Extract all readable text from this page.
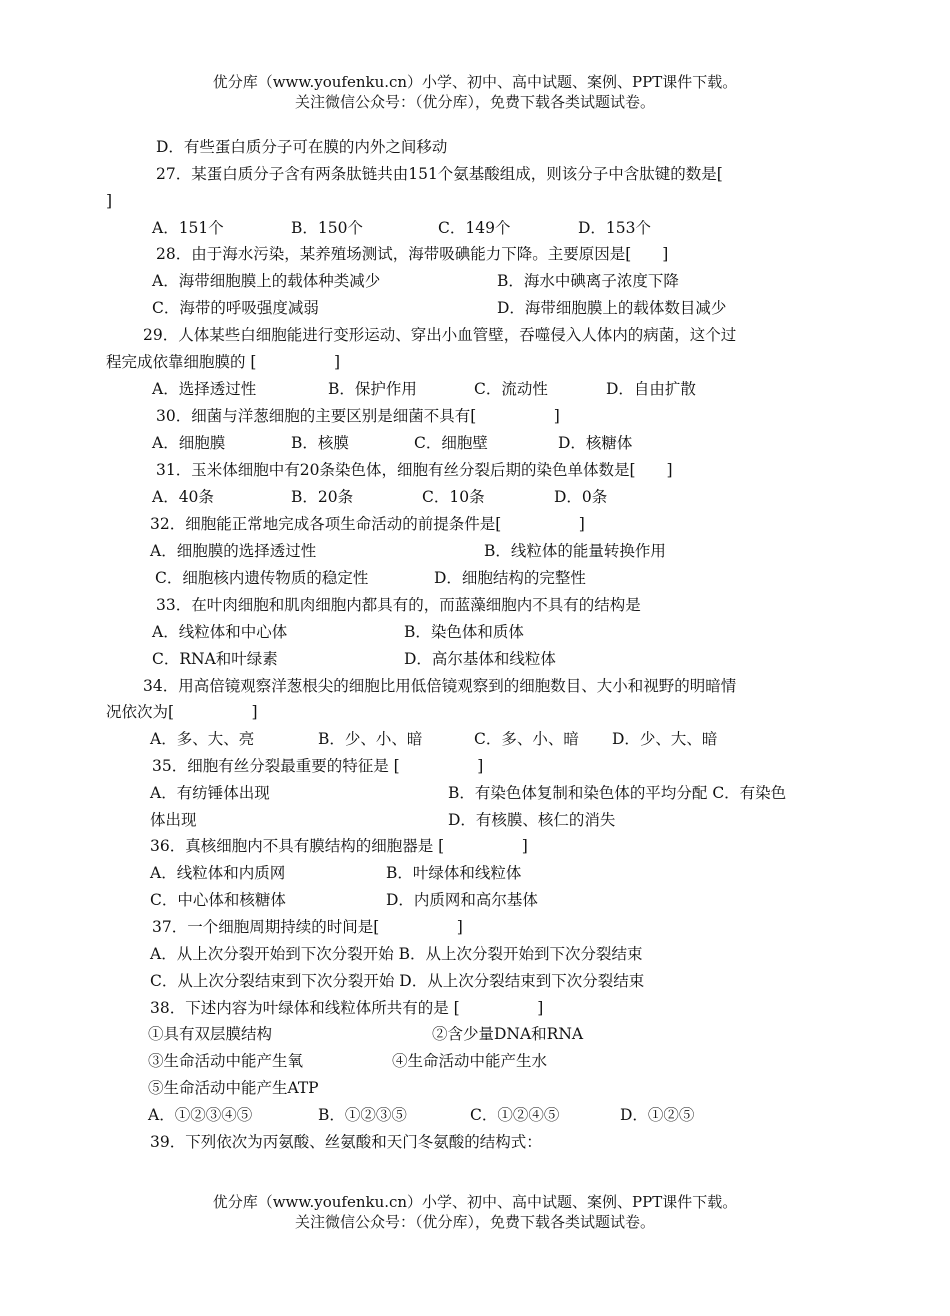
优分库（www.youfenku.cn）小学、初中、高中试题、案例、PPT课件下载。
关注微信公众号：（优分库），免费下载各类试题试卷。
D．有些蛋白质分子可在膜的内外之间移动
27．某蛋白质分子含有两条肽链共由151个氨基酸组成，则该分子中含肽键的数是[
]
A．151个	B．150个	C．149个	D．153个
28．由于海水污染，某养殖场测试，海带吸碘能力下降。主要原因是[　　]
A．海带细胞膜上的载体种类减少	B．海水中碘离子浓度下降
C．海带的呼吸强度减弱	D．海带细胞膜上的载体数目减少
29．人体某些白细胞能进行变形运动、穿出小血管壁，吞噬侵入人体内的病菌，这个过
程完成依靠细胞膜的 [　　　　　]
A．选择透过性	B．保护作用	C．流动性	D．自由扩散
30．细菌与洋葱细胞的主要区别是细菌不具有[　　　　　]
A．细胞膜	B．核膜	C．细胞壁	D．核糖体
31．玉米体细胞中有20条染色体，细胞有丝分裂后期的染色单体数是[　　]
A．40条	B．20条	C．10条	D．0条
32．细胞能正常地完成各项生命活动的前提条件是[　　　　　]
A．细胞膜的选择透过性	B．线粒体的能量转换作用
C．细胞核内遗传物质的稳定性	D．细胞结构的完整性
33．在叶肉细胞和肌肉细胞内都具有的，而蓝藻细胞内不具有的结构是
A．线粒体和中心体	B．染色体和质体
C．RNA和叶绿素	D．高尔基体和线粒体
34．用高倍镜观察洋葱根尖的细胞比用低倍镜观察到的细胞数目、大小和视野的明暗情
况依次为[　　　　　]
A．多、大、亮	B．少、小、暗	C．多、小、暗 D．少、大、暗
35．细胞有丝分裂最重要的特征是 [　　　　　]
A．有纺锤体出现	B．有染色体复制和染色体的平均分配 C．有染色
体出现	D．有核膜、核仁的消失
36．真核细胞内不具有膜结构的细胞器是 [　　　　　]
A．线粒体和内质网	B．叶绿体和线粒体
C．中心体和核糖体	D．内质网和高尔基体
37．一个细胞周期持续的时间是[　　　　　]
A．从上次分裂开始到下次分裂开始 B．从上次分裂开始到下次分裂结束
C．从上次分裂结束到下次分裂开始 D．从上次分裂结束到下次分裂结束
38．下述内容为叶绿体和线粒体所共有的是 [　　　　　]
①具有双层膜结构	②含少量DNA和RNA
③生命活动中能产生氧	④生命活动中能产生水
⑤生命活动中能产生ATP
A．①②③④⑤	B．①②③⑤	C．①②④⑤	D．①②⑤
39．下列依次为丙氨酸、丝氨酸和天门冬氨酸的结构式：
优分库（www.youfenku.cn）小学、初中、高中试题、案例、PPT课件下载。
关注微信公众号：（优分库），免费下载各类试题试卷。
